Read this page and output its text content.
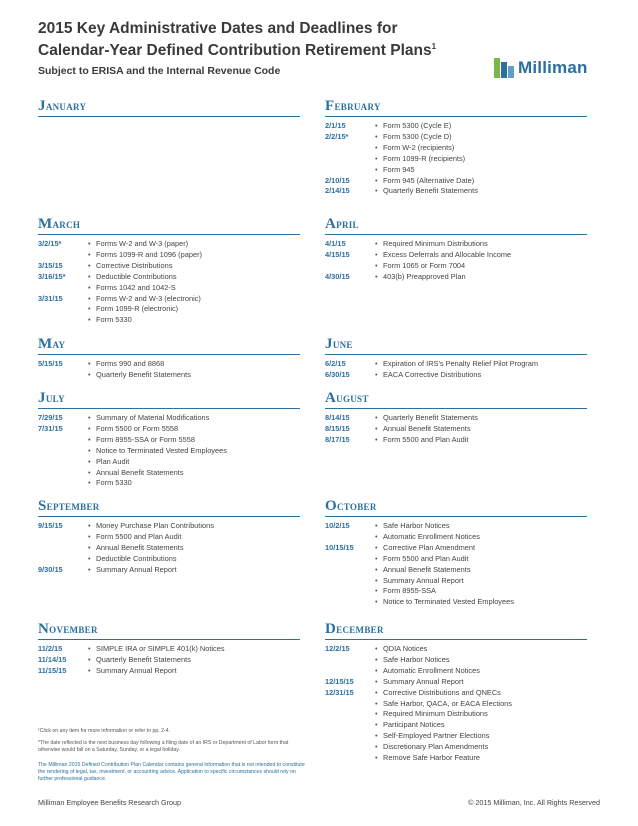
2015 Key Administrative Dates and Deadlines for
Calendar-Year Defined Contribution Retirement Plans$^1$
Subject to ERISA and the Internal Revenue Code	Milliman
January	February
2/1/15	• Form 5300 (Cycle E)
2/2/15*	• Form 5300 (Cycle D)
• Form W-2 (recipients)
• Form 1099-R (recipients)
• Form 945
2/10/15	• Form 945 (Alternative Date)
2/14/15	• Quarterly Benefit Statements
March
3/2/15*	• Forms W-2 and W-3 (paper)
• Forms 1099-R and 1096 (paper)
3/15/15	• Corrective Distributions
3/16/15*	• Deductible Contributions
• Forms 1042 and 1042-S
3/31/15	• Forms W-2 and W-3 (electronic)
• Form 1099-R (electronic)
• Form 5330
April
4/1/15	• Required Minimum Distributions
4/15/15	• Excess Deferrals and Allocable Income
• Form 1065 or Form 7004
4/30/15	• 403(b) Preapproved Plan
May
5/15/15	• Forms 990 and 8868
• Quarterly Benefit Statements
June
6/2/15	• Expiration of IRS's Penalty Relief Pilot Program
6/30/15	• EACA Corrective Distributions
July
7/29/15	• Summary of Material Modifications
7/31/15	• Form 5500 or Form 5558
• Form 8955-SSA or Form 5558
• Notice to Terminated Vested Employees
• Plan Audit
• Annual Benefit Statements
• Form 5330
August
8/14/15	• Quarterly Benefit Statements
8/15/15	• Annual Benefit Statements
8/17/15	• Form 5500 and Plan Audit
September
9/15/15	• Money Purchase Plan Contributions
• Form 5500 and Plan Audit
• Annual Benefit Statements
• Deductible Contributions
9/30/15	• Summary Annual Report
October
10/2/15	• Safe Harbor Notices
• Automatic Enrollment Notices
10/15/15	• Corrective Plan Amendment
• Form 5500 and Plan Audit
• Annual Benefit Statements
• Summary Annual Report
• Form 8955-SSA
• Notice to Terminated Vested Employees
November
11/2/15	• SIMPLE IRA or SIMPLE 401(k) Notices
11/14/15	• Quarterly Benefit Statements
11/15/15	• Summary Annual Report
December
12/2/15	• QDIA Notices
• Safe Harbor Notices
• Automatic Enrollment Notices
12/15/15	• Summary Annual Report
12/31/15	• Corrective Distributions and QNECs
• Safe Harbor, QACA, or EACA Elections
• Required Minimum Distributions
• Participant Notices
• Self-Employed Partner Elections
• Discretionary Plan Amendments
• Remove Safe Harbor Feature
¹Click on any item for more information or refer to pp. 2-4.
*The date reflected is the next business day following a filing date of an IRS or Department of Labor form that otherwise would fall on a Saturday, Sunday, or a legal holiday.
The Milliman 2015 Defined Contribution Plan Calendar contains general information that is not intended to constitute the rendering of legal, tax, investment, or accounting advice. Application to specific circumstances should rely on further professional guidance.
Milliman Employee Benefits Research Group	© 2015 Milliman, Inc. All Rights Reserved
